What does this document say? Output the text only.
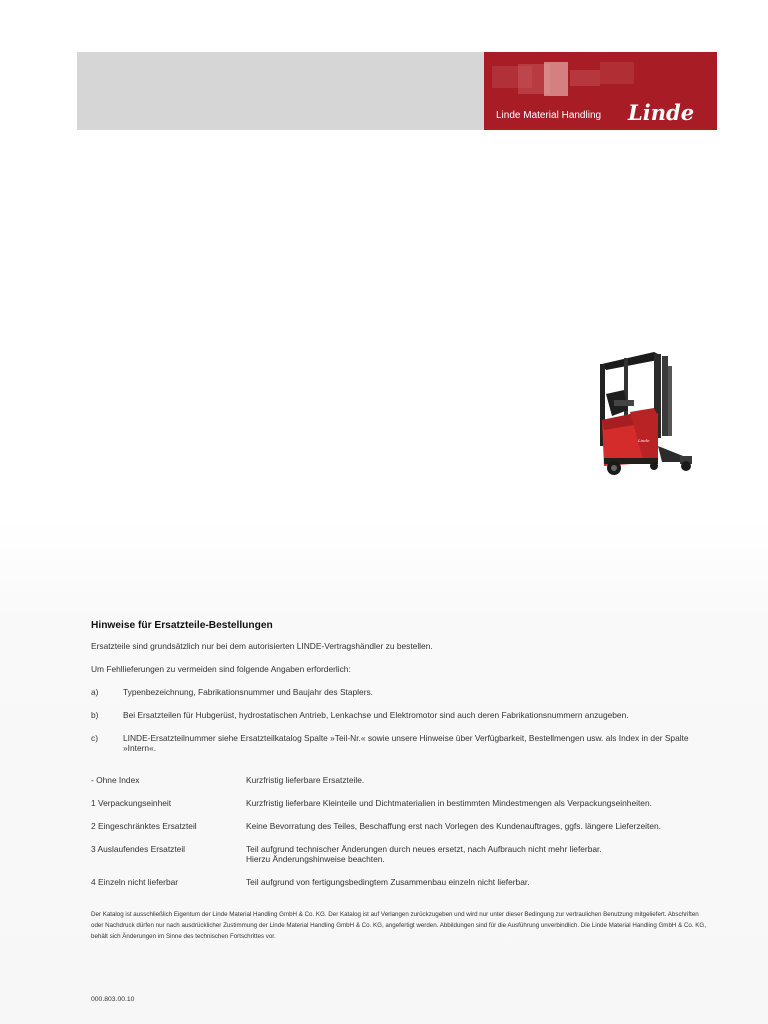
Linde Material Handling Linde
Linde
Hinweise für Ersatzteile-Bestellungen
Ersatzteile sind grundsätzlich nur bei dem autorisierten LINDE-Vertragshändler zu bestellen.
Um Fehllieferungen zu vermeiden sind folgende Angaben erforderlich:
a)	Typenbezeichnung, Fabrikationsnummer und Baujahr des Staplers.
b)	Bei Ersatzteilen für Hubgerüst, hydrostatischen Antrieb, Lenkachse und Elektromotor sind auch deren Fabrikationsnummern anzugeben.
c)	LINDE-Ersatzteilnummer siehe Ersatzteilkatalog Spalte »Teil-Nr.« sowie unsere Hinweise über Verfügbarkeit, Bestellmengen usw. als Index in der Spalte »Intern«.
- Ohne Index	Kurzfristig lieferbare Ersatzteile.
1 Verpackungseinheit	Kurzfristig lieferbare Kleinteile und Dichtmaterialien in bestimmten Mindestmengen als Verpackungseinheiten.
2 Eingeschränktes Ersatzteil	Keine Bevorratung des Teiles, Beschaffung erst nach Vorlegen des Kundenauftrages, ggfs. längere Lieferzeiten.
3 Auslaufendes Ersatzteil	Teil aufgrund technischer Änderungen durch neues ersetzt, nach Aufbrauch nicht mehr lieferbar.
Hierzu Änderungshinweise beachten.
4 Einzeln nicht lieferbar	Teil aufgrund von fertigungsbedingtem Zusammenbau einzeln nicht lieferbar.
Der Katalog ist ausschließlich Eigentum der Linde Material Handling GmbH & Co. KG. Der Katalog ist auf Verlangen zurückzugeben und wird nur unter dieser Bedingung zur vertraulichen Benutzung mitgeliefert. Abschriften oder Nachdruck dürfen nur nach ausdrücklicher Zustimmung der Linde Material Handling GmbH & Co. KG, angefertigt werden. Abbildungen sind für die Ausführung unverbindlich. Die Linde Material Handling GmbH & Co. KG, behält sich Änderungen im Sinne des technischen Fortschrittes vor.
000.803.00.10
